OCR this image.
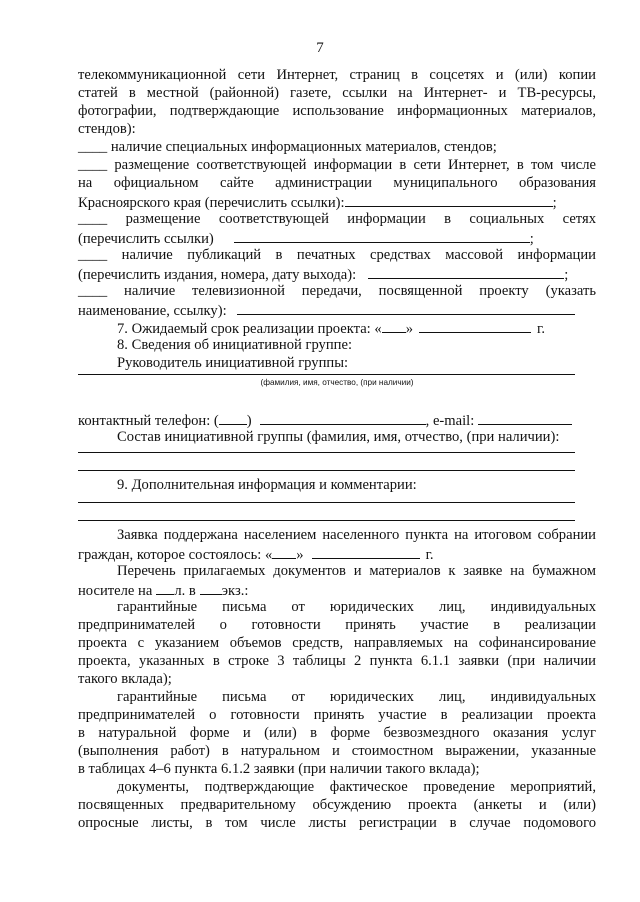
7
телекоммуникационной сети Интернет, страниц в соцсетях и (или) копии
статей в местной (районной) газете, ссылки на Интернет- и ТВ-ресурсы,
фотографии, подтверждающие использование информационных материалов,
стендов):
____ наличие специальных информационных материалов, стендов;
____ размещение соответствующей информации в сети Интернет, в том числе
на официальном сайте администрации муниципального образования
Красноярского края (перечислить ссылки):	;
____ размещение соответствующей информации в социальных сетях
(перечислить ссылки)	;
____ наличие публикаций в печатных средствах массовой информации
(перечислить издания, номера, дату выхода):	;
____ наличие телевизионной передачи, посвященной проекту (указать
наименование, ссылку):
7. Ожидаемый срок реализации проекта: « »	г.
8. Сведения об инициативной группе:
Руководитель инициативной группы:
(фамилия, имя, отчество, (при наличии)
контактный телефон: ( )	, e-mail:
Состав инициативной группы (фамилия, имя, отчество, (при наличии):
9. Дополнительная информация и комментарии:
Заявка поддержана населением населенного пункта на итоговом собрании
граждан, которое состоялось: « »	г.
Перечень прилагаемых документов и материалов к заявке на бумажном
носителе на л. в экз.:
гарантийные письма от юридических лиц, индивидуальных
предпринимателей о готовности принять участие в реализации
проекта с указанием объемов средств, направляемых на софинансирование
проекта, указанных в строке 3 таблицы 2 пункта 6.1.1 заявки (при наличии
такого вклада);
гарантийные письма от юридических лиц, индивидуальных
предпринимателей о готовности принять участие в реализации проекта
в натуральной форме и (или) в форме безвозмездного оказания услуг
(выполнения работ) в натуральном и стоимостном выражении, указанные
в таблицах 4–6 пункта 6.1.2 заявки (при наличии такого вклада);
документы, подтверждающие фактическое проведение мероприятий,
посвященных предварительному обсуждению проекта (анкеты и (или)
опросные листы, в том числе листы регистрации в случае подомового
